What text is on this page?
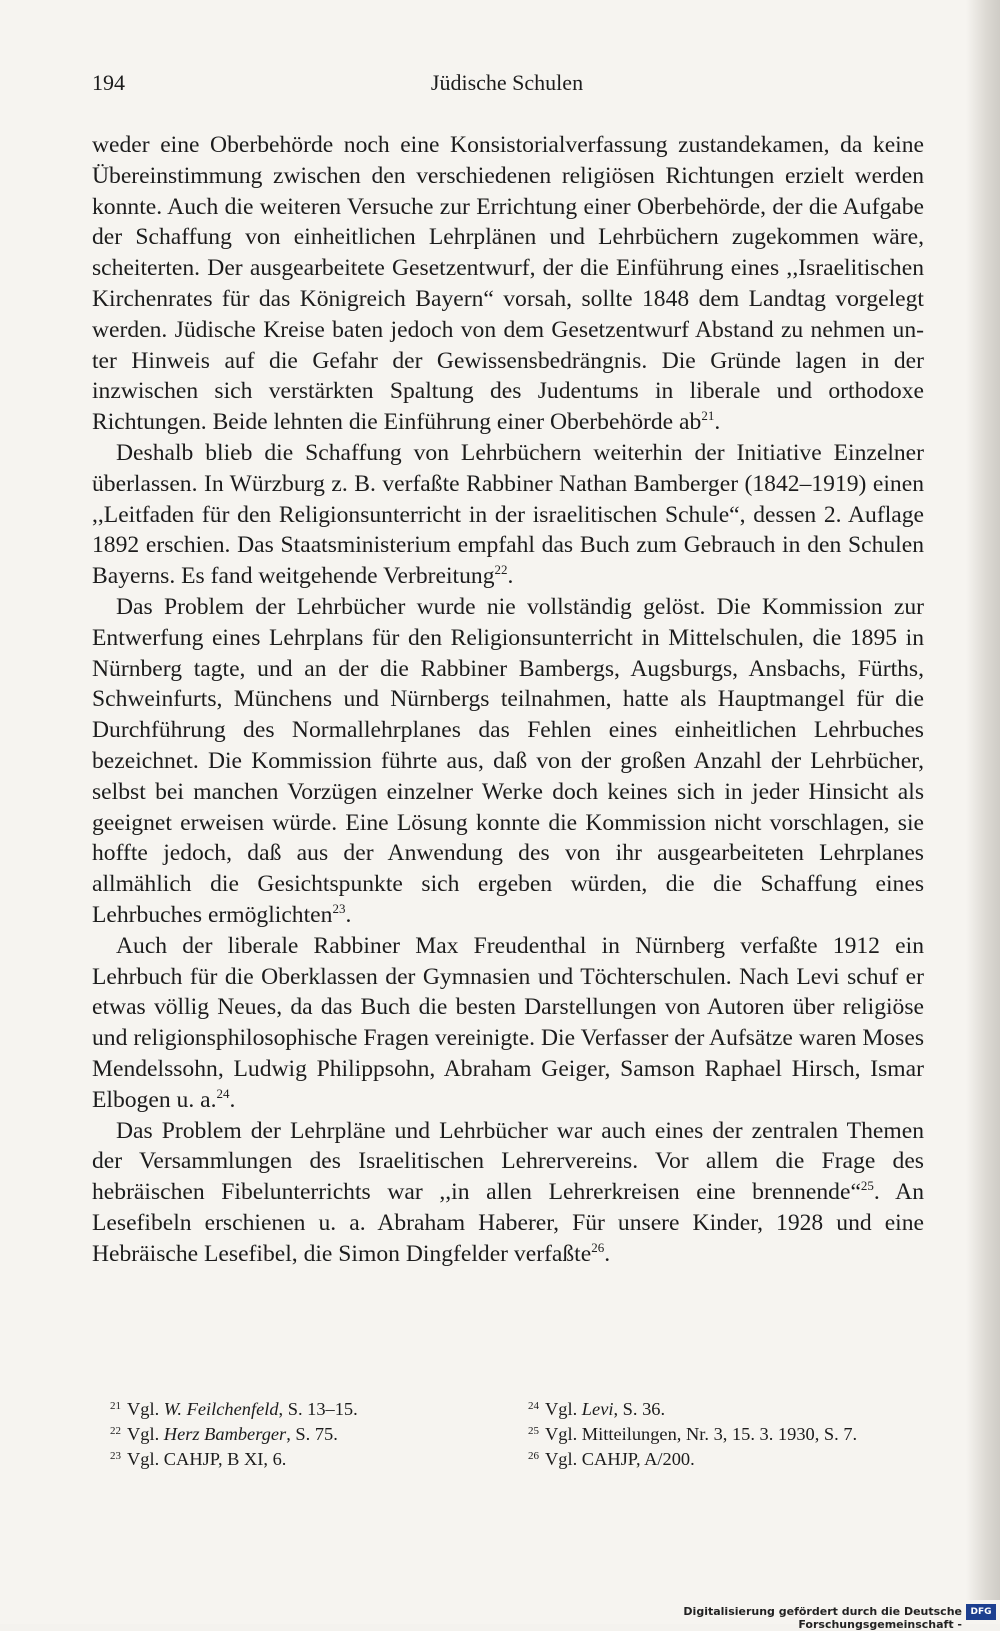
Jüdische Schulen
194

weder eine Oberbehörde noch eine Konsistorialverfassung zustandekamen, da keine Übereinstimmung zwischen den verschiedenen religiösen Richtungen erzielt werden konnte. Auch die weiteren Versuche zur Errichtung einer Oberbehörde, der die Aufgabe der Schaffung von einheitlichen Lehrplänen und Lehrbüchern zugekommen wäre, scheiterten. Der ausgearbeitete Gesetzentwurf, der die Einführung eines ,,Israelitischen Kirchenrates für das Königreich Bayern“ vorsah, sollte 1848 dem Landtag vorgelegt werden. Jüdische Kreise baten jedoch von dem Gesetzentwurf Abstand zu nehmen unter Hinweis auf die Gefahr der Gewissensbedrängnis. Die Gründe lagen in der inzwischen sich verstärkten Spaltung des Judentums in liberale und orthodoxe Richtungen. Beide lehnten die Einführung einer Oberbehörde $ab^{21}$.

Deshalb blieb die Schaffung von Lehrbüchern weiterhin der Initiative Einzelner überlassen. In Würzburg z. B. verfaßte Rabbiner Nathan Bamberger (1842–1919) einen ,,Leitfaden für den Religionsunterricht in der israelitischen Schule“, dessen 2. Auflage 1892 erschien. Das Staatsministerium empfahl das Buch zum Gebrauch in den Schulen Bayerns. Es fand weitgehende Verbreitung$^{22}$.

Das Problem der Lehrbücher wurde nie vollständig gelöst. Die Kommission zur Entwerfung eines Lehrplans für den Religionsunterricht in Mittelschulen, die 1895 in Nürnberg tagte, und an der die Rabbiner Bambergs, Augsburgs, Ansbachs, Fürths, Schweinfurts, Münchens und Nürnbergs teilnahmen, hatte als Hauptmangel für die Durchführung des Normallehrplanes das Fehlen eines einheitlichen Lehrbuches bezeichnet. Die Kommission führte aus, daß von der großen Anzahl der Lehrbücher, selbst bei manchen Vorzügen einzelner Werke doch keines sich in jeder Hinsicht als geeignet erweisen würde. Eine Lösung konnte die Kommission nicht vorschlagen, sie hoffte jedoch, daß aus der Anwendung des von ihr ausgearbeiteten Lehrplanes allmählich die Gesichtspunkte sich ergeben würden, die die Schaffung eines Lehrbuches ermöglichten$^{23}$.

Auch der liberale Rabbiner Max Freudenthal in Nürnberg verfaßte 1912 ein Lehrbuch für die Oberklassen der Gymnasien und Töchterschulen. Nach Levi schuf er etwas völlig Neues, da das Buch die besten Darstellungen von Autoren über religiöse und religionsphilosophische Fragen vereinigte. Die Verfasser der Aufsätze waren Moses Mendelssohn, Ludwig Philippsohn, Abraham Geiger, Samson Raphael Hirsch, Ismar Elbogen u. a.$^{24}$.

Das Problem der Lehrpläne und Lehrbücher war auch eines der zentralen Themen der Versammlungen des Israelitischen Lehrervereins. Vor allem die Frage des hebräischen Fibelunterrichts war ,,in allen Lehrerkreisen eine brennende“$^{25}$. An Lesefibeln erschienen u. a. Abraham Haberer, Für unsere Kinder, 1928 und eine Hebräische Lesefibel, die Simon Dingfelder verfaßte$^{26}$.

$^{21}$ Vgl. W. Feilchenfeld, S. 13–15.	$^{24}$ Vgl. Levi, S. 36.
$^{22}$ Vgl. Herz Bamberger, S. 75.	$^{25}$ Vgl. Mitteilungen, Nr. 3, 15. 3. 1930, S. 7.
$^{23}$ Vgl. CAHJP, B XI, 6.	$^{26}$ Vgl. CAHJP, A/200.
Digitalisierung gefördert durch die Deutsche Forschungsgemeinschaft -
DFG
